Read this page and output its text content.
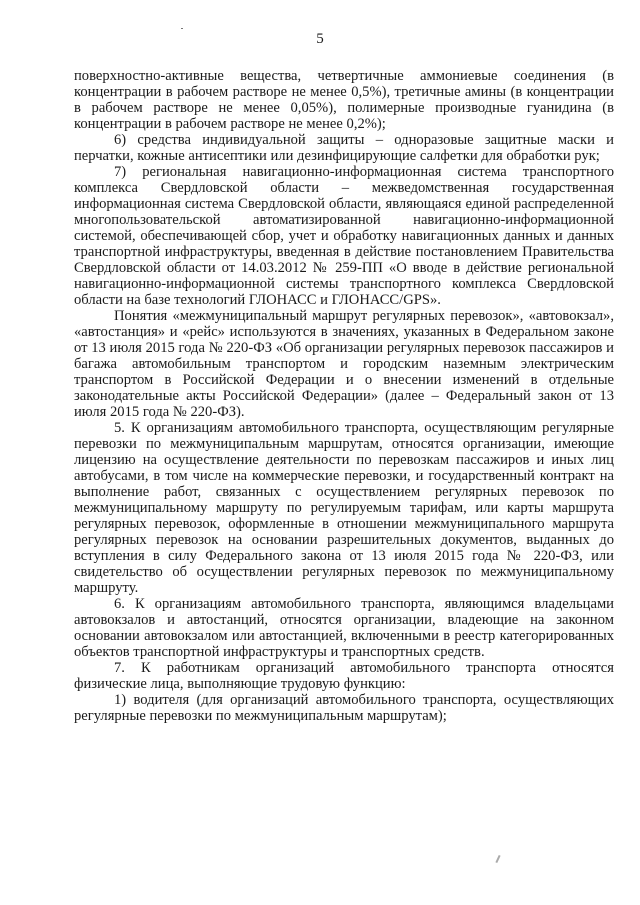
5

поверхностно-активные вещества, четвертичные аммониевые соединения (в концентрации в рабочем растворе не менее 0,5%), третичные амины (в концентрации в рабочем растворе не менее 0,05%), полимерные производные гуанидина (в концентрации в рабочем растворе не менее 0,2%);

6) средства индивидуальной защиты – одноразовые защитные маски и перчатки, кожные антисептики или дезинфицирующие салфетки для обработки рук;

7) региональная навигационно-информационная система транспортного комплекса Свердловской области – межведомственная государственная информационная система Свердловской области, являющаяся единой распределенной многопользовательской автоматизированной навигационно-информационной системой, обеспечивающей сбор, учет и обработку навигационных данных и данных транспортной инфраструктуры, введенная в действие постановлением Правительства Свердловской области от 14.03.2012 № 259-ПП «О вводе в действие региональной навигационно-информационной системы транспортного комплекса Свердловской области на базе технологий ГЛОНАСС и ГЛОНАСС/GPS».

Понятия «межмуниципальный маршрут регулярных перевозок», «автовокзал», «автостанция» и «рейс» используются в значениях, указанных в Федеральном законе от 13 июля 2015 года № 220-ФЗ «Об организации регулярных перевозок пассажиров и багажа автомобильным транспортом и городским наземным электрическим транспортом в Российской Федерации и о внесении изменений в отдельные законодательные акты Российской Федерации» (далее – Федеральный закон от 13 июля 2015 года № 220-ФЗ).

5. К организациям автомобильного транспорта, осуществляющим регулярные перевозки по межмуниципальным маршрутам, относятся организации, имеющие лицензию на осуществление деятельности по перевозкам пассажиров и иных лиц автобусами, в том числе на коммерческие перевозки, и государственный контракт на выполнение работ, связанных с осуществлением регулярных перевозок по межмуниципальному маршруту по регулируемым тарифам, или карты маршрута регулярных перевозок, оформленные в отношении межмуниципального маршрута регулярных перевозок на основании разрешительных документов, выданных до вступления в силу Федерального закона от 13 июля 2015 года № 220-ФЗ, или свидетельство об осуществлении регулярных перевозок по межмуниципальному маршруту.

6. К организациям автомобильного транспорта, являющимся владельцами автовокзалов и автостанций, относятся организации, владеющие на законном основании автовокзалом или автостанцией, включенными в реестр категорированных объектов транспортной инфраструктуры и транспортных средств.

7. К работникам организаций автомобильного транспорта относятся физические лица, выполняющие трудовую функцию:

1) водителя (для организаций автомобильного транспорта, осуществляющих регулярные перевозки по межмуниципальным маршрутам);
